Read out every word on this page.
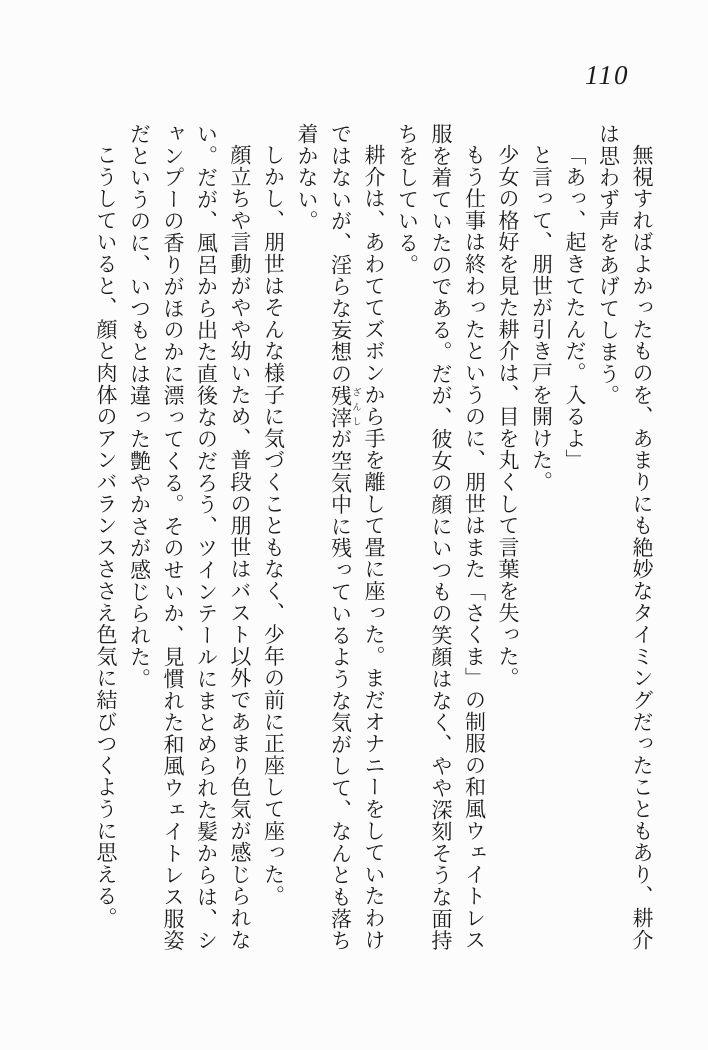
110

無視すればよかったものを、あまりにも絶妙なタイミングだったこともあり、耕介は思わず声をあげてしまう。

「あっ、起きてたんだ。入るよ」

と言って、朋世が引き戸を開けた。

少女の格好を見た耕介は、目を丸くして言葉を失った。

もう仕事は終わったというのに、朋世はまた「さくま」の制服の和風ウェイトレス服を着ていたのである。だが、彼女の顔にいつもの笑顔はなく、やや深刻そうな面持ちをしている。

耕介は、あわててズボンから手を離して畳に座った。まだオナニーをしていたわけではないが、淫らな妄想の残滓 ざんしが空気中に残っているような気がして、なんとも落ち着かない。

しかし、朋世はそんな様子に気づくこともなく、少年の前に正座して座った。

顔立ちや言動がやや幼いため、普段の朋世はバスト以外であまり色気が感じられない。だが、風呂から出た直後なのだろう、ツインテールにまとめられた髪からは、シャンプーの香りがほのかに漂ってくる。そのせいか、見慣れた和風ウェイトレス服姿だというのに、いつもとは違った艶やかさが感じられた。

こうしていると、顔と肉体のアンバランスささえ色気に結びつくように思える。
